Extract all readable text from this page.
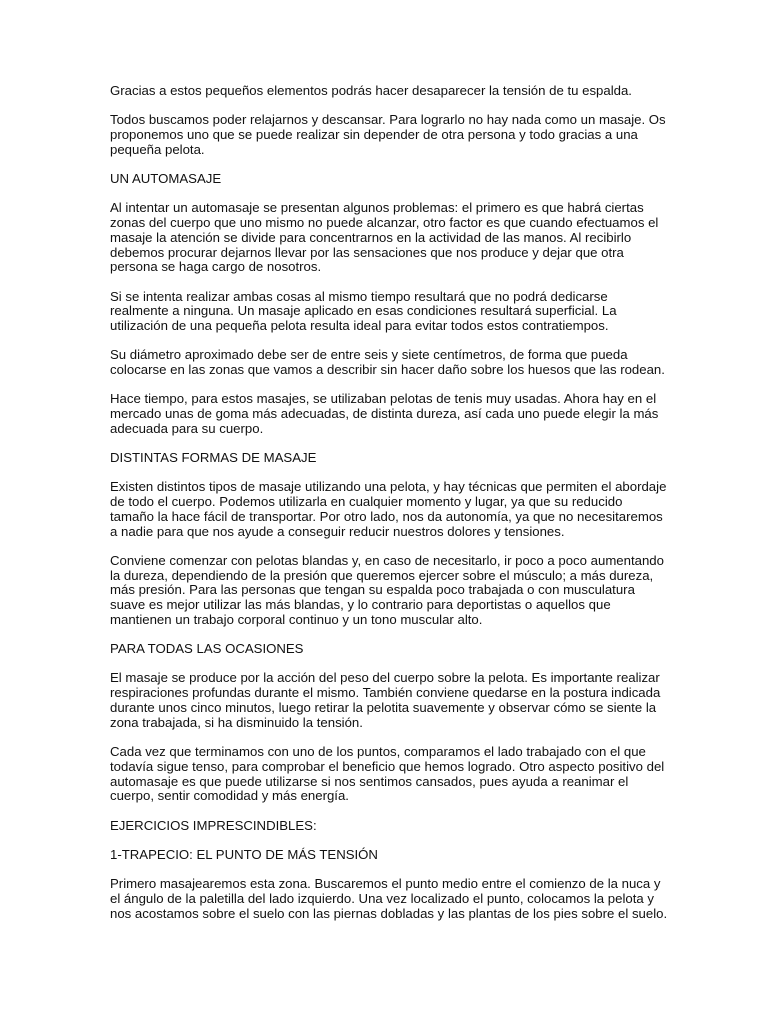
Gracias a estos pequeños elementos podrás hacer desaparecer la tensión de tu espalda.

Todos buscamos poder relajarnos y descansar. Para lograrlo no hay nada como un masaje. Os proponemos uno que se puede realizar sin depender de otra persona y todo gracias a una pequeña pelota.

UN AUTOMASAJE

Al intentar un automasaje se presentan algunos problemas: el primero es que habrá ciertas zonas del cuerpo que uno mismo no puede alcanzar, otro factor es que cuando efectuamos el masaje la atención se divide para concentrarnos en la actividad de las manos. Al recibirlo debemos procurar dejarnos llevar por las sensaciones que nos produce y dejar que otra persona se haga cargo de nosotros.

Si se intenta realizar ambas cosas al mismo tiempo resultará que no podrá dedicarse realmente a ninguna. Un masaje aplicado en esas condiciones resultará superficial. La utilización de una pequeña pelota resulta ideal para evitar todos estos contratiempos.

Su diámetro aproximado debe ser de entre seis y siete centímetros, de forma que pueda colocarse en las zonas que vamos a describir sin hacer daño sobre los huesos que las rodean.

Hace tiempo, para estos masajes, se utilizaban pelotas de tenis muy usadas. Ahora hay en el mercado unas de goma más adecuadas, de distinta dureza, así cada uno puede elegir la más adecuada para su cuerpo.

DISTINTAS FORMAS DE MASAJE

Existen distintos tipos de masaje utilizando una pelota, y hay técnicas que permiten el abordaje de todo el cuerpo. Podemos utilizarla en cualquier momento y lugar, ya que su reducido tamaño la hace fácil de transportar. Por otro lado, nos da autonomía, ya que no necesitaremos a nadie para que nos ayude a conseguir reducir nuestros dolores y tensiones.

Conviene comenzar con pelotas blandas y, en caso de necesitarlo, ir poco a poco aumentando la dureza, dependiendo de la presión que queremos ejercer sobre el músculo; a más dureza, más presión. Para las personas que tengan su espalda poco trabajada o con musculatura suave es mejor utilizar las más blandas, y lo contrario para deportistas o aquellos que mantienen un trabajo corporal continuo y un tono muscular alto.

PARA TODAS LAS OCASIONES

El masaje se produce por la acción del peso del cuerpo sobre la pelota. Es importante realizar respiraciones profundas durante el mismo. También conviene quedarse en la postura indicada durante unos cinco minutos, luego retirar la pelotita suavemente y observar cómo se siente la zona trabajada, si ha disminuido la tensión.

Cada vez que terminamos con uno de los puntos, comparamos el lado trabajado con el que todavía sigue tenso, para comprobar el beneficio que hemos logrado. Otro aspecto positivo del automasaje es que puede utilizarse si nos sentimos cansados, pues ayuda a reanimar el cuerpo, sentir comodidad y más energía.

EJERCICIOS IMPRESCINDIBLES:

1-TRAPECIO: EL PUNTO DE MÁS TENSIÓN

Primero masajearemos esta zona. Buscaremos el punto medio entre el comienzo de la nuca y el ángulo de la paletilla del lado izquierdo. Una vez localizado el punto, colocamos la pelota y nos acostamos sobre el suelo con las piernas dobladas y las plantas de los pies sobre el suelo.
